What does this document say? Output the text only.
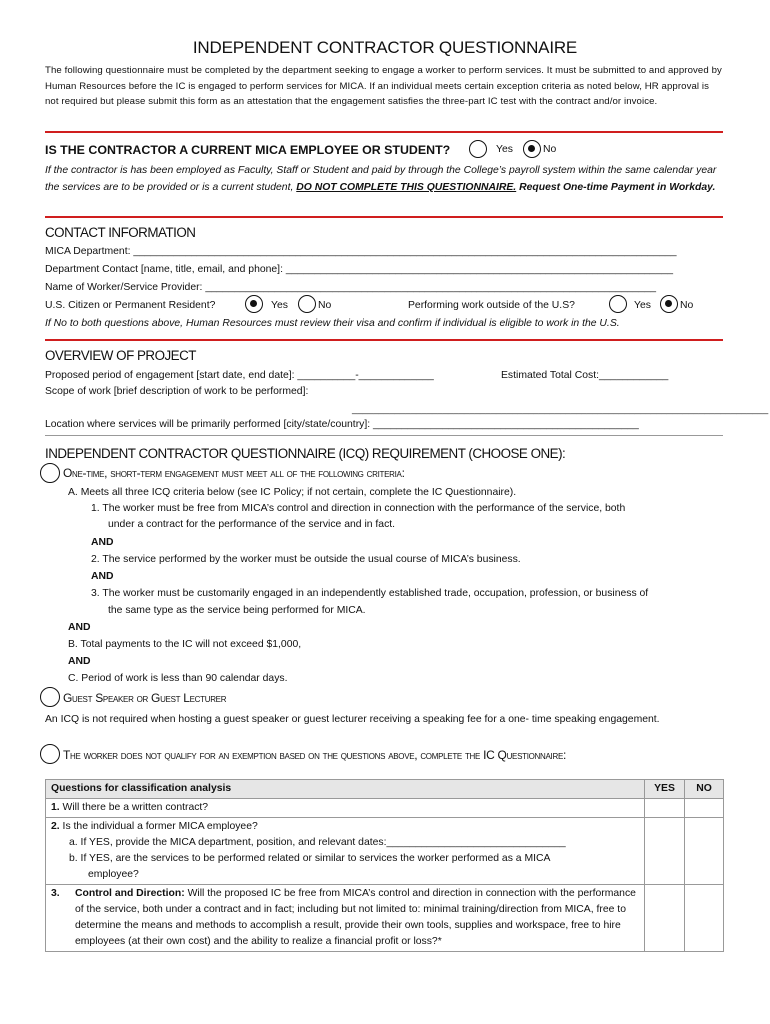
INDEPENDENT CONTRACTOR QUESTIONNAIRE
The following questionnaire must be completed by the department seeking to engage a worker to perform services. It must be submitted to and approved by Human Resources before the IC is engaged to perform services for MICA. If an individual meets certain exception criteria as noted below, HR approval is not required but please submit this form as an attestation that the engagement satisfies the three-part IC test with the contract and/or invoice.
IS THE CONTRACTOR A CURRENT MICA EMPLOYEE OR STUDENT?	Yes	No
If the contractor is has been employed as Faculty, Staff or Student and paid by through the College’s payroll system within the same calendar year the services are to be provided or is a current student, DO NOT COMPLETE THIS QUESTIONNAIRE. Request One-time Payment in Workday.
CONTACT INFORMATION
MICA Department: ______________________________________________________________________________________________
Department Contact [name, title, email, and phone]: ___________________________________________________________________
Name of Worker/Service Provider: ______________________________________________________________________________
U.S. Citizen or Permanent Resident?	Yes	No	Performing work outside of the U.S?	Yes	No
If No to both questions above, Human Resources must review their visa and confirm if individual is eligible to work in the U.S.
OVERVIEW OF PROJECT
Proposed period of engagement [start date, end date]: __________-_____________	Estimated Total Cost:____________
Scope of work [brief description of work to be performed]:
______________________________________________________________________________
Location where services will be primarily performed [city/state/country]: ______________________________________________
INDEPENDENT CONTRACTOR QUESTIONNAIRE (ICQ) REQUIREMENT (CHOOSE ONE):
One-time, short-term engagement must meet all of the following criteria:
A. Meets all three ICQ criteria below (see IC Policy; if not certain, complete the IC Questionnaire).
1. The worker must be free from MICA’s control and direction in connection with the performance of the service, both
under a contract for the performance of the service and in fact.
AND
2. The service performed by the worker must be outside the usual course of MICA’s business.
AND
3. The worker must be customarily engaged in an independently established trade, occupation, profession, or business of
the same type as the service being performed for MICA.
AND
B. Total payments to the IC will not exceed $1,000,
AND
C. Period of work is less than 90 calendar days.
Guest Speaker or Guest Lecturer
An ICQ is not required when hosting a guest speaker or guest lecturer receiving a speaking fee for a one- time speaking engagement.
The worker does not qualify for an exemption based on the questions above, complete the IC Questionnaire:
Questions for classification analysis	YES	NO
1. Will there be a written contract?		

2. Is the individual a former MICA employee?
a. If YES, provide the MICA department, position, and relevant dates:_______________________________
b. If YES, are the services to be performed related or similar to services the worker performed as a MICA
employee?		

3. Control and Direction: Will the proposed IC be free from MICA’s control and direction in connection with the performance of the service, both under a contract and in fact; including but not limited to: minimal training/direction from MICA, free to determine the means and methods to accomplish a result, provide their own tools, supplies and workspace, free to hire employees (at their own cost) and the ability to realize a financial profit or loss?*		
